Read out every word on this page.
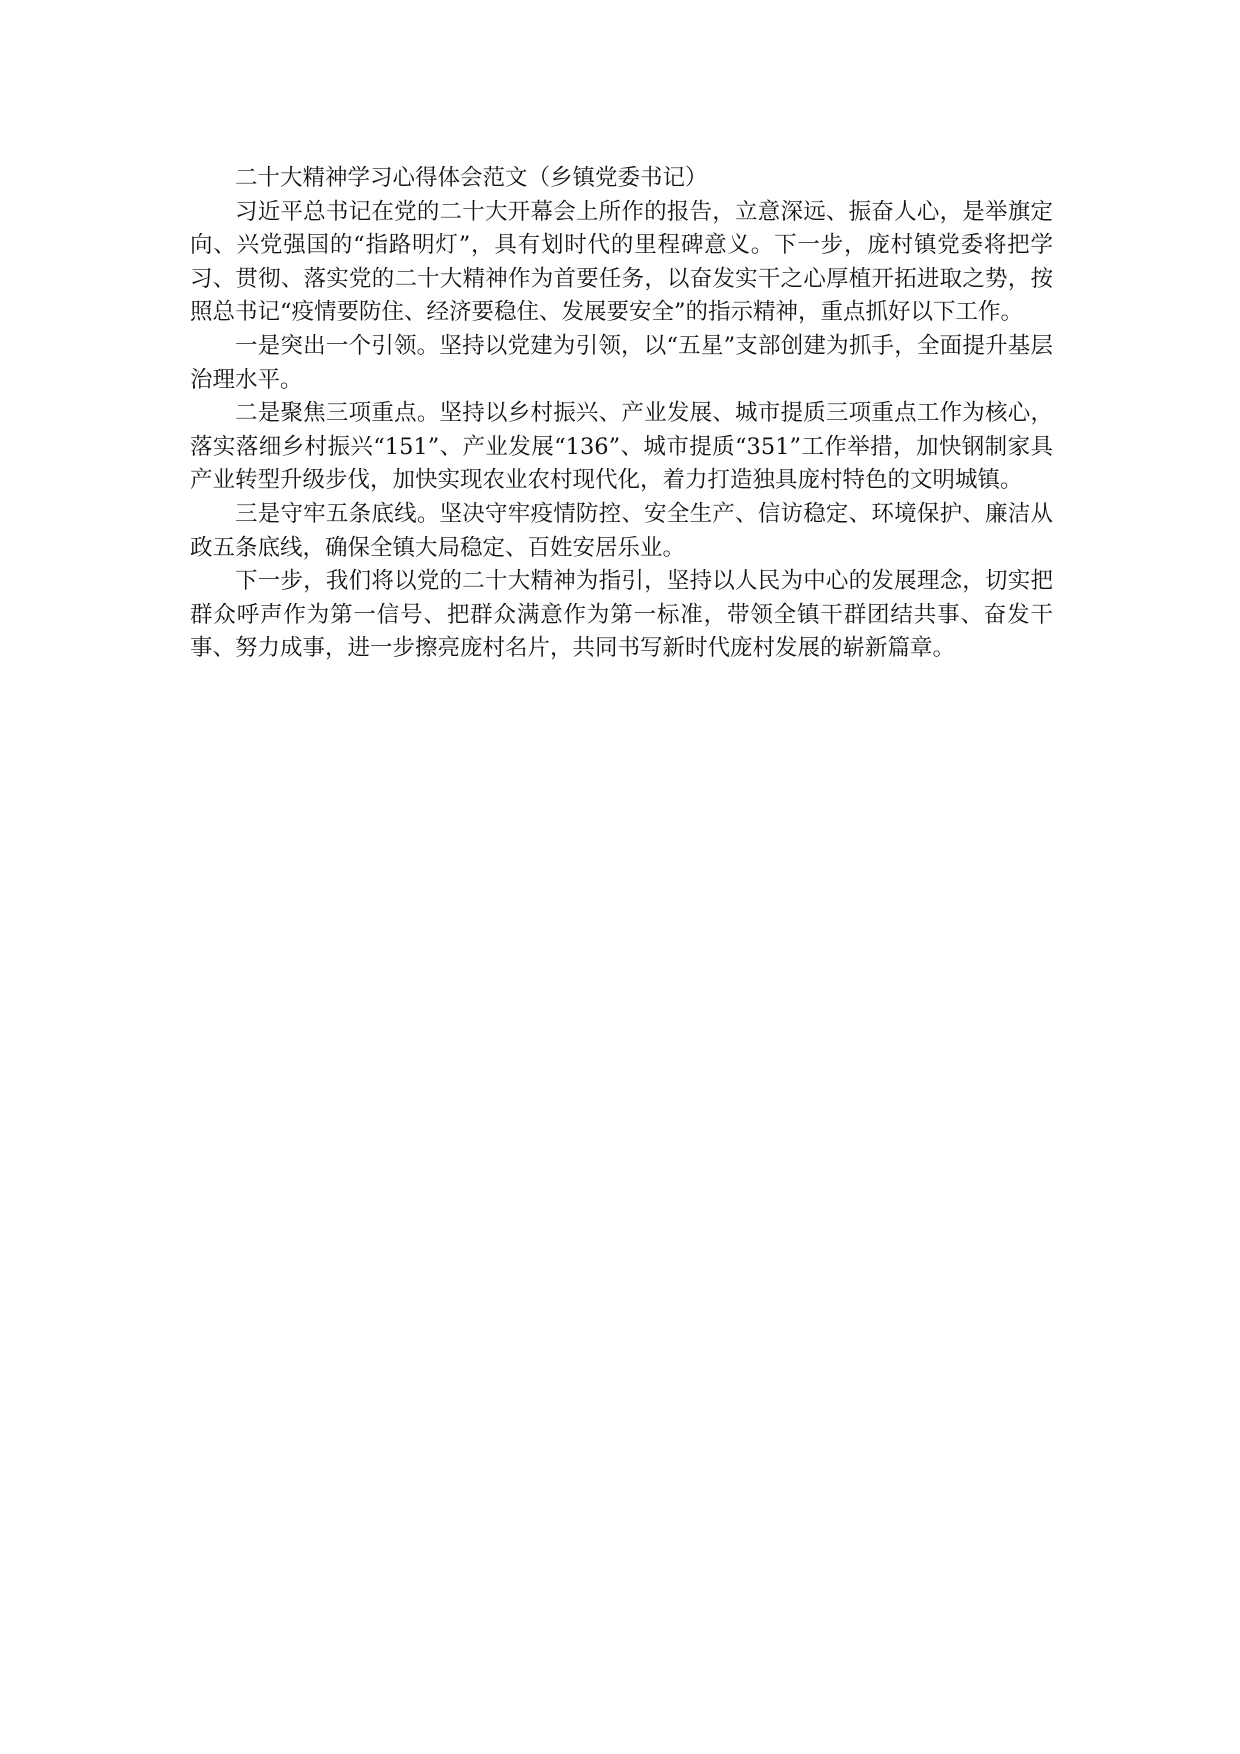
二十大精神学习心得体会范文（乡镇党委书记）

习近平总书记在党的二十大开幕会上所作的报告，立意深远、振奋人心，是举旗定向、兴党强国的“指路明灯”，具有划时代的里程碑意义。下一步，庞村镇党委将把学习、贯彻、落实党的二十大精神作为首要任务，以奋发实干之心厚植开拓进取之势，按照总书记“疫情要防住、经济要稳住、发展要安全”的指示精神，重点抓好以下工作。

一是突出一个引领。坚持以党建为引领，以“五星”支部创建为抓手，全面提升基层治理水平。

二是聚焦三项重点。坚持以乡村振兴、产业发展、城市提质三项重点工作为核心，落实落细乡村振兴“151”、产业发展“136”、城市提质“351”工作举措，加快钢制家具产业转型升级步伐，加快实现农业农村现代化，着力打造独具庞村特色的文明城镇。

三是守牢五条底线。坚决守牢疫情防控、安全生产、信访稳定、环境保护、廉洁从政五条底线，确保全镇大局稳定、百姓安居乐业。

下一步，我们将以党的二十大精神为指引，坚持以人民为中心的发展理念，切实把群众呼声作为第一信号、把群众满意作为第一标准，带领全镇干群团结共事、奋发干事、努力成事，进一步擦亮庞村名片，共同书写新时代庞村发展的崭新篇章。
